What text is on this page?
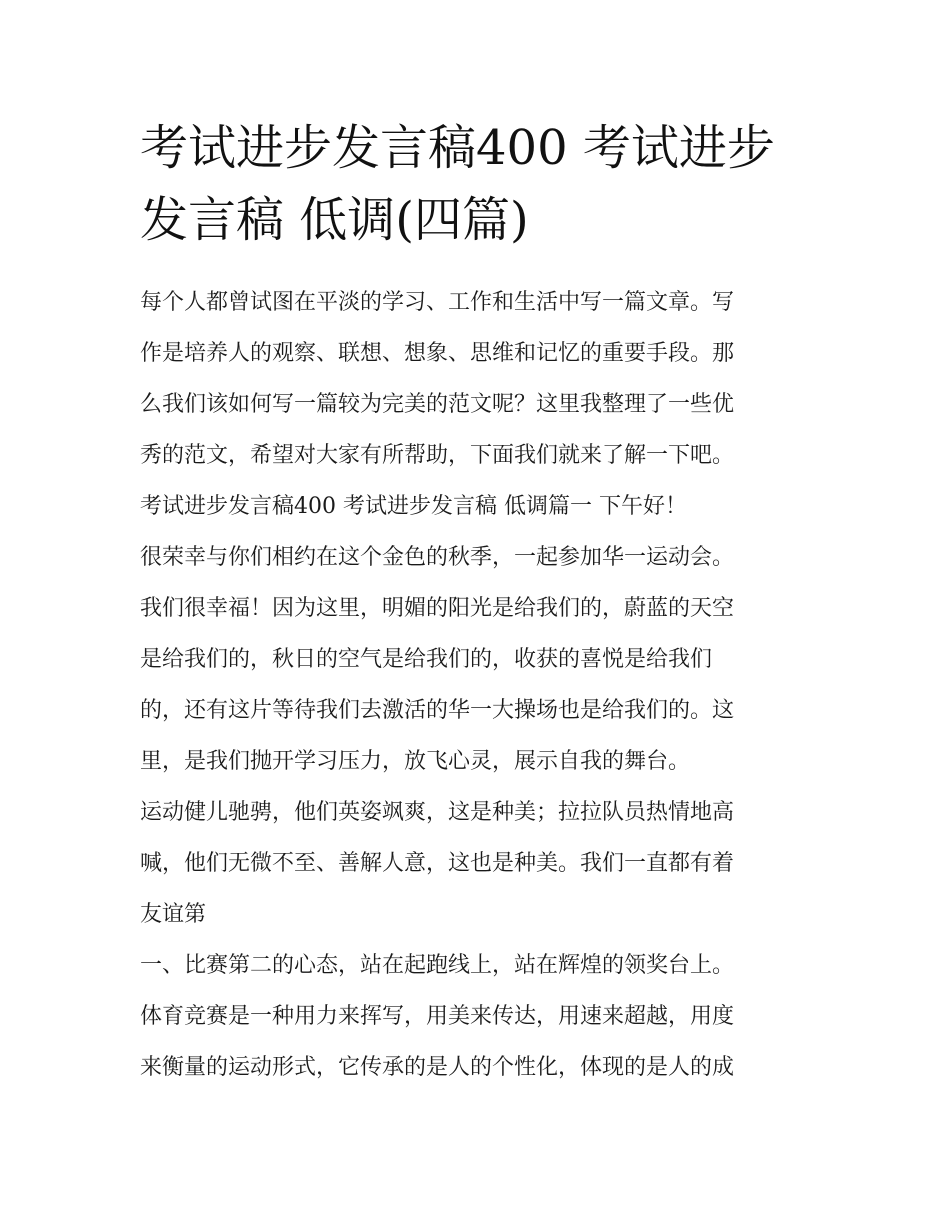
考试进步发言稿400 考试进步
发言稿 低调(四篇)
每个人都曾试图在平淡的学习、工作和生活中写一篇文章。写
作是培养人的观察、联想、想象、思维和记忆的重要手段。那
么我们该如何写一篇较为完美的范文呢？这里我整理了一些优
秀的范文，希望对大家有所帮助，下面我们就来了解一下吧。
考试进步发言稿400 考试进步发言稿 低调篇一 下午好！
很荣幸与你们相约在这个金色的秋季，一起参加华一运动会。
我们很幸福！因为这里，明媚的阳光是给我们的，蔚蓝的天空
是给我们的，秋日的空气是给我们的，收获的喜悦是给我们
的，还有这片等待我们去激活的华一大操场也是给我们的。这
里，是我们抛开学习压力，放飞心灵，展示自我的舞台。
运动健儿驰骋，他们英姿飒爽，这是种美；拉拉队员热情地高
喊，他们无微不至、善解人意，这也是种美。我们一直都有着
友谊第
一、比赛第二的心态，站在起跑线上，站在辉煌的领奖台上。
体育竞赛是一种用力来挥写，用美来传达，用速来超越，用度
来衡量的运动形式，它传承的是人的个性化，体现的是人的成
